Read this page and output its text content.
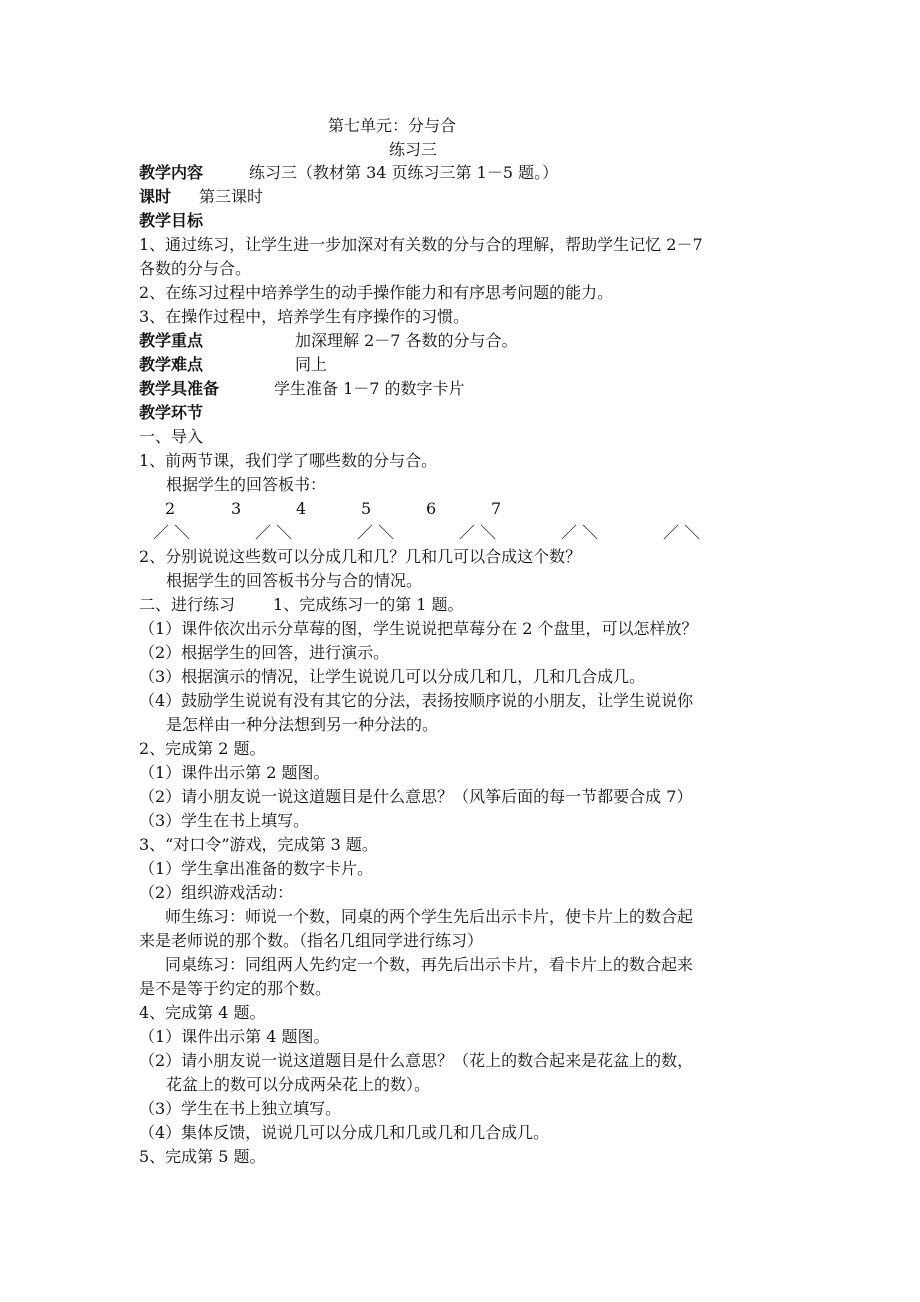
第七单元：分与合
练习三
教学内容	练习三（教材第 34 页练习三第 1－5 题。）
课时 第三课时
教学目标
1、通过练习，让学生进一步加深对有关数的分与合的理解，帮助学生记忆 2－7
各数的分与合。
2、在练习过程中培养学生的动手操作能力和有序思考问题的能力。
3、在操作过程中，培养学生有序操作的习惯。
教学重点	加深理解 2－7 各数的分与合。
教学难点	同上
教学具准备	学生准备 1－7 的数字卡片
教学环节
一、导入
1、前两节课，我们学了哪些数的分与合。
根据学生的回答板书：
2	3	4	5	6	7
／ ＼	／ ＼	／ ＼	／ ＼	／ ＼	／ ＼
2、分别说说这些数可以分成几和几？几和几可以合成这个数？
根据学生的回答板书分与合的情况。
二、进行练习 1、完成练习一的第 1 题。
（1）课件依次出示分草莓的图，学生说说把草莓分在 2 个盘里，可以怎样放？
（2）根据学生的回答，进行演示。
（3）根据演示的情况，让学生说说几可以分成几和几，几和几合成几。
（4）鼓励学生说说有没有其它的分法，表扬按顺序说的小朋友，让学生说说你
是怎样由一种分法想到另一种分法的。
2、完成第 2 题。
（1）课件出示第 2 题图。
（2）请小朋友说一说这道题目是什么意思？（风筝后面的每一节都要合成 7）
（3）学生在书上填写。
3、“对口令”游戏，完成第 3 题。
（1）学生拿出准备的数字卡片。
（2）组织游戏活动：
师生练习：师说一个数，同桌的两个学生先后出示卡片，使卡片上的数合起
来是老师说的那个数。（指名几组同学进行练习）
同桌练习：同组两人先约定一个数，再先后出示卡片，看卡片上的数合起来
是不是等于约定的那个数。
4、完成第 4 题。
（1）课件出示第 4 题图。
（2）请小朋友说一说这道题目是什么意思？（花上的数合起来是花盆上的数，
花盆上的数可以分成两朵花上的数）。
（3）学生在书上独立填写。
（4）集体反馈，说说几可以分成几和几或几和几合成几。
5、完成第 5 题。
